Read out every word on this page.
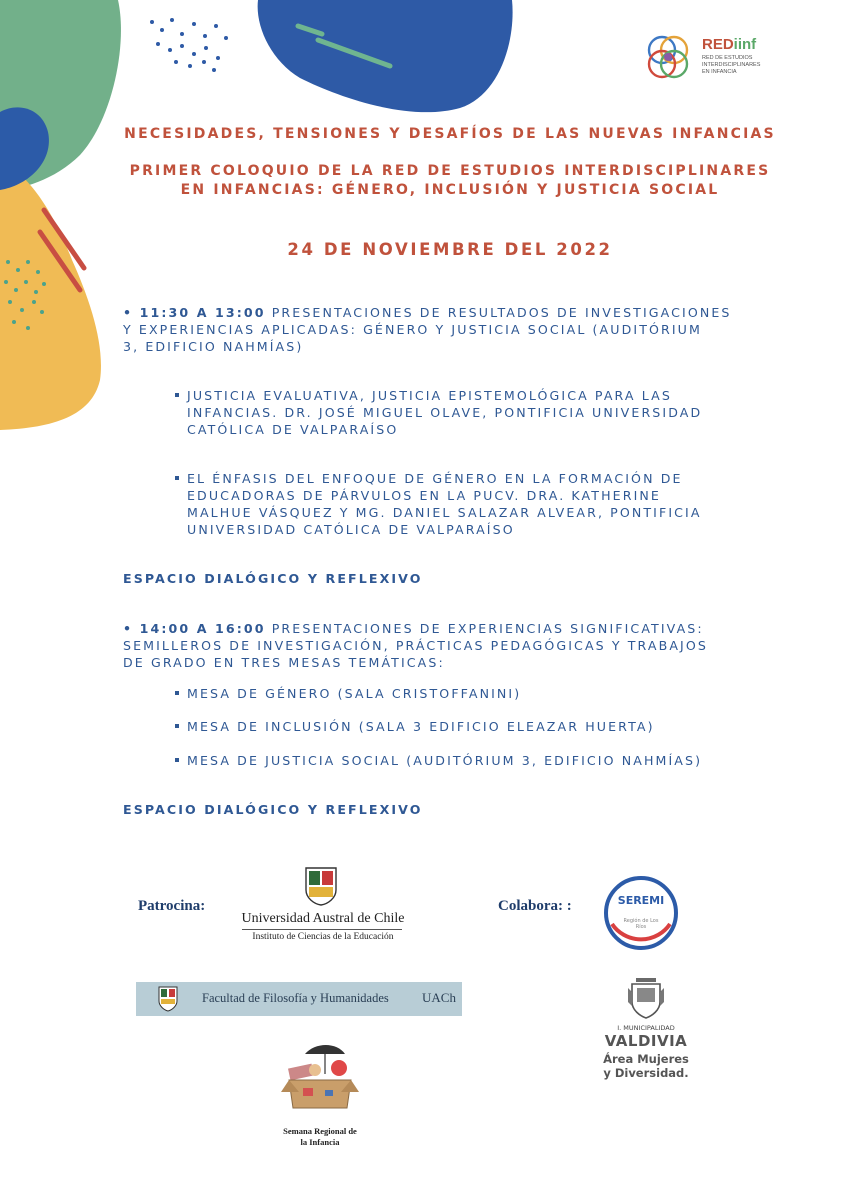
REDiinf
RED DE ESTUDIOS
INTERDISCIPLINARES
EN INFANCIA
NECESIDADES, TENSIONES Y DESAFÍOS DE LAS NUEVAS INFANCIAS
PRIMER COLOQUIO DE LA RED DE ESTUDIOS INTERDISCIPLINARES
EN INFANCIAS: GÉNERO, INCLUSIÓN Y JUSTICIA SOCIAL
24 DE NOVIEMBRE DEL 2022
• 11:30 A 13:00 PRESENTACIONES DE RESULTADOS DE INVESTIGACIONES
Y EXPERIENCIAS APLICADAS: GÉNERO Y JUSTICIA SOCIAL (AUDITÓRIUM
3, EDIFICIO NAHMÍAS)
JUSTICIA EVALUATIVA, JUSTICIA EPISTEMOLÓGICA PARA LAS
INFANCIAS. DR. JOSÉ MIGUEL OLAVE, PONTIFICIA UNIVERSIDAD
CATÓLICA DE VALPARAÍSO
EL ÉNFASIS DEL ENFOQUE DE GÉNERO EN LA FORMACIÓN DE
EDUCADORAS DE PÁRVULOS EN LA PUCV. DRA. KATHERINE
MALHUE VÁSQUEZ Y MG. DANIEL SALAZAR ALVEAR, PONTIFICIA
UNIVERSIDAD CATÓLICA DE VALPARAÍSO
ESPACIO DIALÓGICO Y REFLEXIVO
• 14:00 A 16:00 PRESENTACIONES DE EXPERIENCIAS SIGNIFICATIVAS:
SEMILLEROS DE INVESTIGACIÓN, PRÁCTICAS PEDAGÓGICAS Y TRABAJOS
DE GRADO EN TRES MESAS TEMÁTICAS:
MESA DE GÉNERO (SALA CRISTOFFANINI)
MESA DE INCLUSIÓN (SALA 3 EDIFICIO ELEAZAR HUERTA)
MESA DE JUSTICIA SOCIAL (AUDITÓRIUM 3, EDIFICIO NAHMÍAS)
ESPACIO DIALÓGICO Y REFLEXIVO
Patrocina:
Universidad Austral de Chile
Instituto de Ciencias de la Educación
Colabora: :	SEREMI
Región de Los Ríos
Facultad de Filosofía y Humanidades	UACh
I. MUNICIPALIDAD
VALDIVIA
Área Mujeres
y Diversidad.
Semana Regional de
la Infancia
